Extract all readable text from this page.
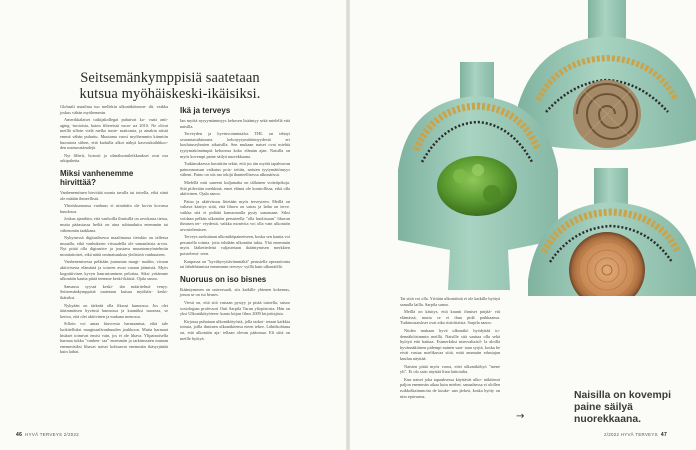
Seitsemänkymppisiä saatetaan
kutsua myöhäiskeski-ikäisiksi.

Globaali maailma tuo mellekin ulkonäköinnon- dit. vaikka joskus vähän myöhemmin.

Amerikkalaiset tutkijakollegat puhuivat ko- vaati anti- aging -tuotoista, kuten filtereistä vuon- na 2010. Ne olivat meillä silloin vielä melko tunte- mattomia, ja ainakin niistä emmä vähän puhuttu. Muutama vuosi myöhemmin kiinnitin huomiota siihen, että kaduilla alkoi näkyä kasvoukuihhkoo- den mainosstämdejä.

Nyt fillerit, botoxit ja silmäluomileikkaukset ovat osa arkipuhetta.

Miksi vanhenemme hirvittää?

Vanhenemiinen hirvittää monia tavalla tai toisella, eikä siinä ole mitään ihmeellistä.

Yhteiskunnassa vanhuus ei nimittäin ole kovin kovassa huudossa.

Joskus ajanihtin, että vanhoilla ihmisillä on arvokasta tietoa, mutta pääasiassa heiltä on aina suhtauduttu enemmän tai vähemmän taakkana.

Nykyisessä digitaalisessa maailmassa tietokin on tallessa muualla, eikä vanhuksien viisaudella ole samanlaista arvoa. Nyt pitää olla diginative ja joustava muuntomyöntelmiin monitaitoiset, eikä näitä ominaisuuksia yhdistetä vanhuuteen.

Vanhenemisessa pelätään juuruntaa margi- naaliin, vivaan aktiivisesta elämästä ja toiseen avun varaan jäämistä. Myös kognitiivisen kyvyn haurastuminen pelottaa. Siksi yritämme ulkonäön kautta pitää teemme keski-ikäisiä. Ojala sanoo.

Samassa syyssä keski- iän määritelmä venyy. Seitsemänkymppisiä saatetaan kutsua myöhäis- keski- ikäisiksi.

Nykyään on tärkeää olla fiksusi kunnossa. Jos olet äärimmäisen hyvässä kunnossa ja kauniiksi nuoreaa, se kertoo, että olet aktiivinen ja mukana menossa.

Silloin voi antaa hiusvesta harmaantua, eikä tale luokitelluksi marginaalivanhuuden joukkoon. Mutta harmaat hiukset toimivat ensisi vain, jos ei ole lihava. Ylipainoisella harmaa tukka "vanhen- taa" enemmän ja tarkimuuten muiaan enemmisiksi lihavat naiset kohtaavat enemmän ikäsyrjintää kuin laihat.

Ikä ja terveys

Ian myötä nyryymämmyys kehosen lisääntyy sekä mielellä että naisilla.

Terveyden ja hyvinvoinnintalos THL on tehnyt seurantatutkimusta kehotyytymättömyydestä eri koulutusryhmien aikuisilla. Sen mukaan naiset ovat miehiä tyytymättömämpiä kehoonsa koko elämän ajan. Naisilla on myös kovempi paine säilyä nuorekkaana.

Tutkimuksessa havaittiin sekin, että jos iän myötä tapahtuvan painonnousun vaikutus pois- tettiin, naisten tyytymättömyys väheni. Paino on siis tuo tekijä ihanteellisessa ulkonäössä.

Mielellä mitt saneeni kuljamaha on tällainen voiteiipikoja. Sitä piilevään merkkinä, emei elämä ole kontrollissa, eikä olla aktiivinen. Ojala sanoo.

Paino ja aktiivisuus liitetään myös terveyteen. Meillä on valtava käsitys siitä, että lihava on sairas ja laiha on terve. vaikka sitä ei pidäitä kanssomalla pysty sanomaan. Siksi voidaan pelkän ulkonäön perusteella "olla huolissaan" lihavan ihmisen ter- veydestä, vaikka monivita voi olla vain ulkonäön arvostelemisen.

Terveys suekuttaan ulkonäköpaineeseen, koska sen kautta voi perustella toimia. joita tehdään ulkonäön takia. Yhä enemmän myös lääketiedettä valjastetaan ikääntymisen merkkien poistelemi- seen.

Kaupassa on "hyvähyvyttävämmältä" perustella operaationta tai lahdehtamista ennemmin terveys- syillä kuin ulkonäöllä.

Nuoruus on iso bisnes

Ikääntymmen on universaali, siis kaikille yhtenen kokemus, jonon se on iso bisnes.

Viesti on, että sitä vastaan pystyy ja pitää taistella, sanoo sosiologian professori Outi Sarpila Turun yliopistosta. Hän on yksi Ulkonäkötyöteen- kunto kirjan films 2009 kirjoittajista.

Kirjassa puhutaan ulkonäkötyöstä, jolla tarkoi- tetaan kaikkia toimia, joilla ihminen ulkonäköensa eteen tekee. Lähtökohtana on, että ulkonäön aja- tellaan olevan pääomaa. Eli siitä on meille hyötyä.

Tai siitä voi olla. Yrittäin ulkonäöstä ei ole kaikille hyötyä samalla lailla. Sarpila sanoo.

Meillä on käsitys, että kaunit ihmiset pärjää- vät elämässä, mutta se ei ihan pidä paikkaansa. Tutkimusaiskset ovat aika ristiriitaisia. Sarpila sanoo.

Niiden mukaan hyvä ulkonäkö hyödyttää to- dennäköisimmin meillä. Naisille sitä saattaa olla sekä hyötyä että haittaa. Esimerkiksi miesvaltaisil- la aloilla hyvännäköinen pidempi nainen saat- taan syrjiä, koska he eivät vastaa mielikuvaa siitä, mitä ammatin edustajan kuuluu näyttää.

Naisten pitää myös varoa, ettei ulkonäköhyö "mene yli". Ei olo saisi näyttää liian laittotulta.

Kun naiset joka tapauksessa käyttävät ulko- näköönsä paljon enemmän aikaa kuin miehet, sanaalsessa ei olollen ruikkolkaimmoita de kuuke- aan järkeä, koska hyöty on niin epävarma.

→
Naisilla on kovempi paine säilyä nuorekkaana.
46 HYVÄ TERVEYS 2/2022	2/2022 HYVÄ TERVEYS 47
